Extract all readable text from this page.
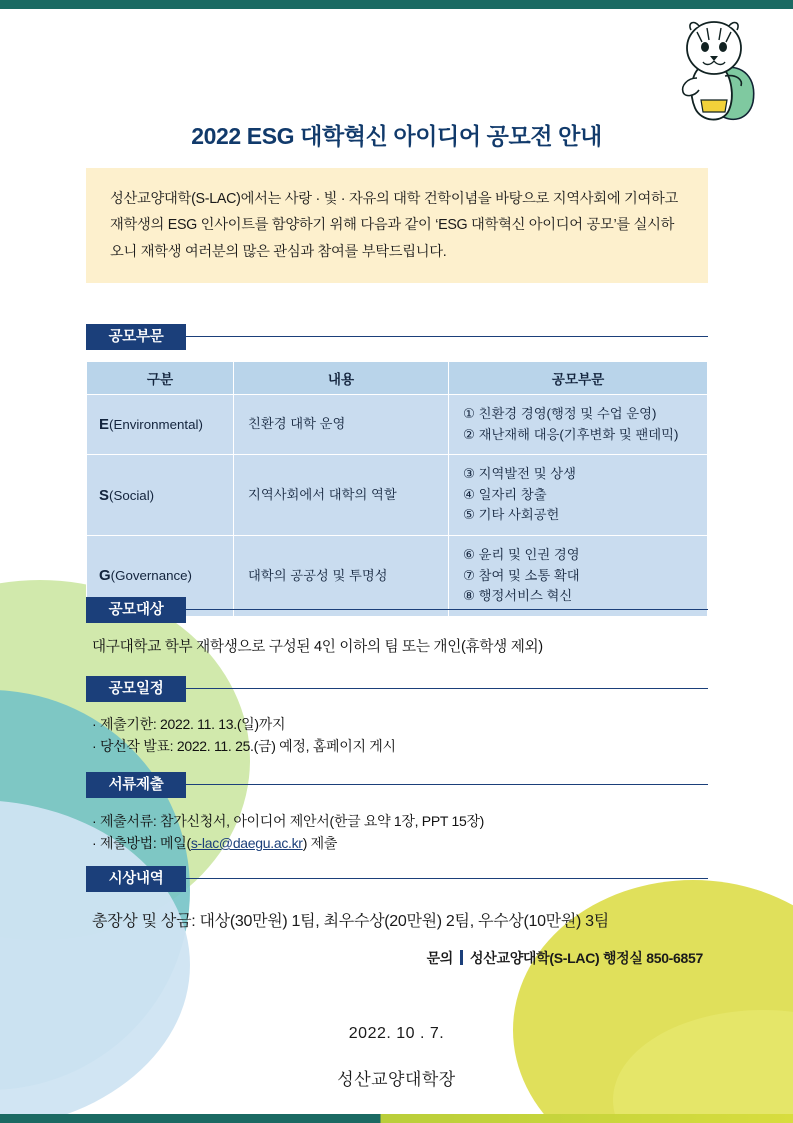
2022 ESG 대학혁신 아이디어 공모전 안내
성산교양대학(S-LAC)에서는 사랑 · 빛 · 자유의 대학 건학이념을 바탕으로 지역사회에 기여하고 재학생의 ESG 인사이트를 함양하기 위해 다음과 같이 ‘ESG 대학혁신 아이디어 공모’를 실시하오니 재학생 여러분의 많은 관심과 참여를 부탁드립니다.
공모부문
구분	내용	공모부문
E(Environmental)	친환경 대학 운영	① 친환경 경영(행정 및 수업 운영)
② 재난재해 대응(기후변화 및 팬데믹)

S(Social)	지역사회에서 대학의 역할	③ 지역발전 및 상생
④ 일자리 창출
⑤ 기타 사회공헌

G(Governance)	대학의 공공성 및 투명성	⑥ 윤리 및 인권 경영
⑦ 참여 및 소통 확대
⑧ 행정서비스 혁신
공모대상
대구대학교 학부 재학생으로 구성된 4인 이하의 팀 또는 개인(휴학생 제외)
공모일정
· 제출기한: 2022. 11. 13.(일)까지
· 당선작 발표: 2022. 11. 25.(금) 예정, 홈페이지 게시
서류제출
· 제출서류: 참가신청서, 아이디어 제안서(한글 요약 1장, PPT 15장)
· 제출방법: 메일(s-lac@daegu.ac.kr) 제출
시상내역
총장상 및 상금: 대상(30만원) 1팀, 최우수상(20만원) 2팀, 우수상(10만원) 3팀
문의 성산교양대학(S-LAC) 행정실 850-6857
2022. 10 . 7.
성산교양대학장
